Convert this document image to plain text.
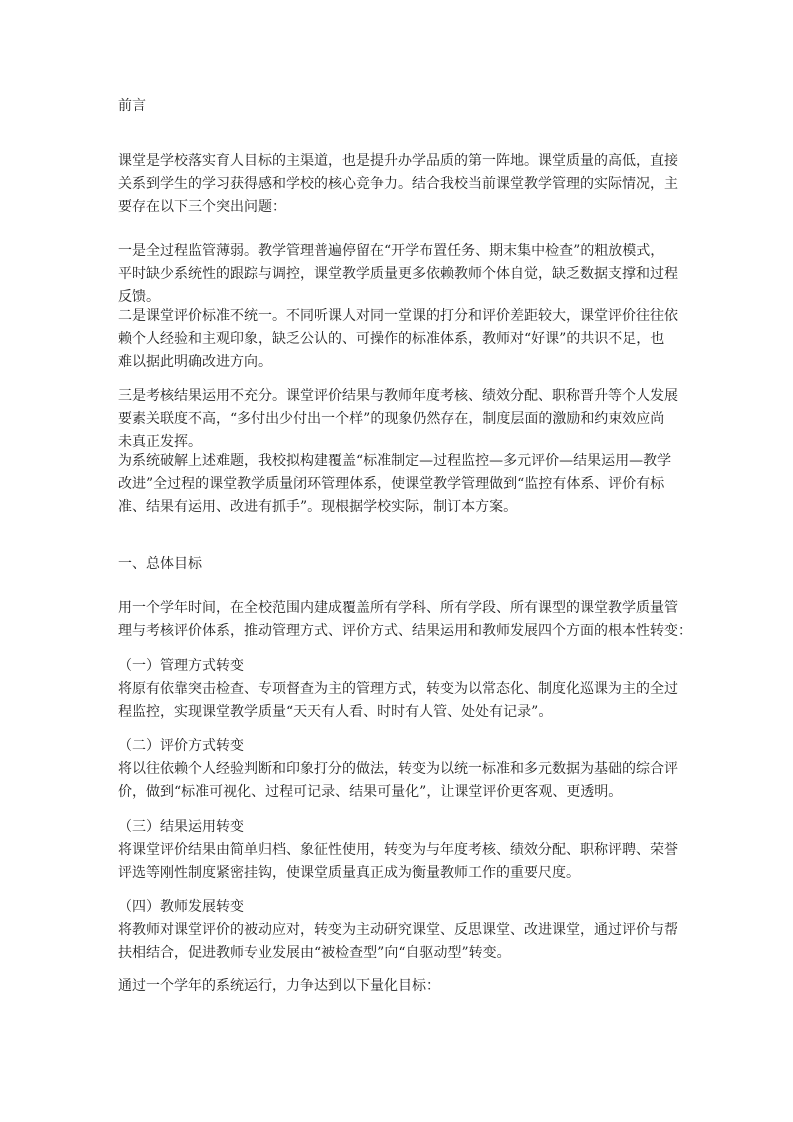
前言
课堂是学校落实育人目标的主渠道，也是提升办学品质的第一阵地。课堂质量的高低，直接
关系到学生的学习获得感和学校的核心竞争力。结合我校当前课堂教学管理的实际情况，主
要存在以下三个突出问题：
一是全过程监管薄弱。教学管理普遍停留在“开学布置任务、期末集中检查”的粗放模式，
平时缺少系统性的跟踪与调控，课堂教学质量更多依赖教师个体自觉，缺乏数据支撑和过程
反馈。
二是课堂评价标准不统一。不同听课人对同一堂课的打分和评价差距较大，课堂评价往往依
赖个人经验和主观印象，缺乏公认的、可操作的标准体系，教师对“好课”的共识不足，也
难以据此明确改进方向。
三是考核结果运用不充分。课堂评价结果与教师年度考核、绩效分配、职称晋升等个人发展
要素关联度不高，“多付出少付出一个样”的现象仍然存在，制度层面的激励和约束效应尚
未真正发挥。
为系统破解上述难题，我校拟构建覆盖“标准制定—过程监控—多元评价—结果运用—教学
改进”全过程的课堂教学质量闭环管理体系，使课堂教学管理做到“监控有体系、评价有标
准、结果有运用、改进有抓手”。现根据学校实际，制订本方案。
一、总体目标
用一个学年时间，在全校范围内建成覆盖所有学科、所有学段、所有课型的课堂教学质量管
理与考核评价体系，推动管理方式、评价方式、结果运用和教师发展四个方面的根本性转变：
（一）管理方式转变
将原有依靠突击检查、专项督查为主的管理方式，转变为以常态化、制度化巡课为主的全过
程监控，实现课堂教学质量“天天有人看、时时有人管、处处有记录”。
（二）评价方式转变
将以往依赖个人经验判断和印象打分的做法，转变为以统一标准和多元数据为基础的综合评
价，做到“标准可视化、过程可记录、结果可量化”，让课堂评价更客观、更透明。
（三）结果运用转变
将课堂评价结果由简单归档、象征性使用，转变为与年度考核、绩效分配、职称评聘、荣誉
评选等刚性制度紧密挂钩，使课堂质量真正成为衡量教师工作的重要尺度。
（四）教师发展转变
将教师对课堂评价的被动应对，转变为主动研究课堂、反思课堂、改进课堂，通过评价与帮
扶相结合，促进教师专业发展由“被检查型”向“自驱动型”转变。
通过一个学年的系统运行，力争达到以下量化目标：
